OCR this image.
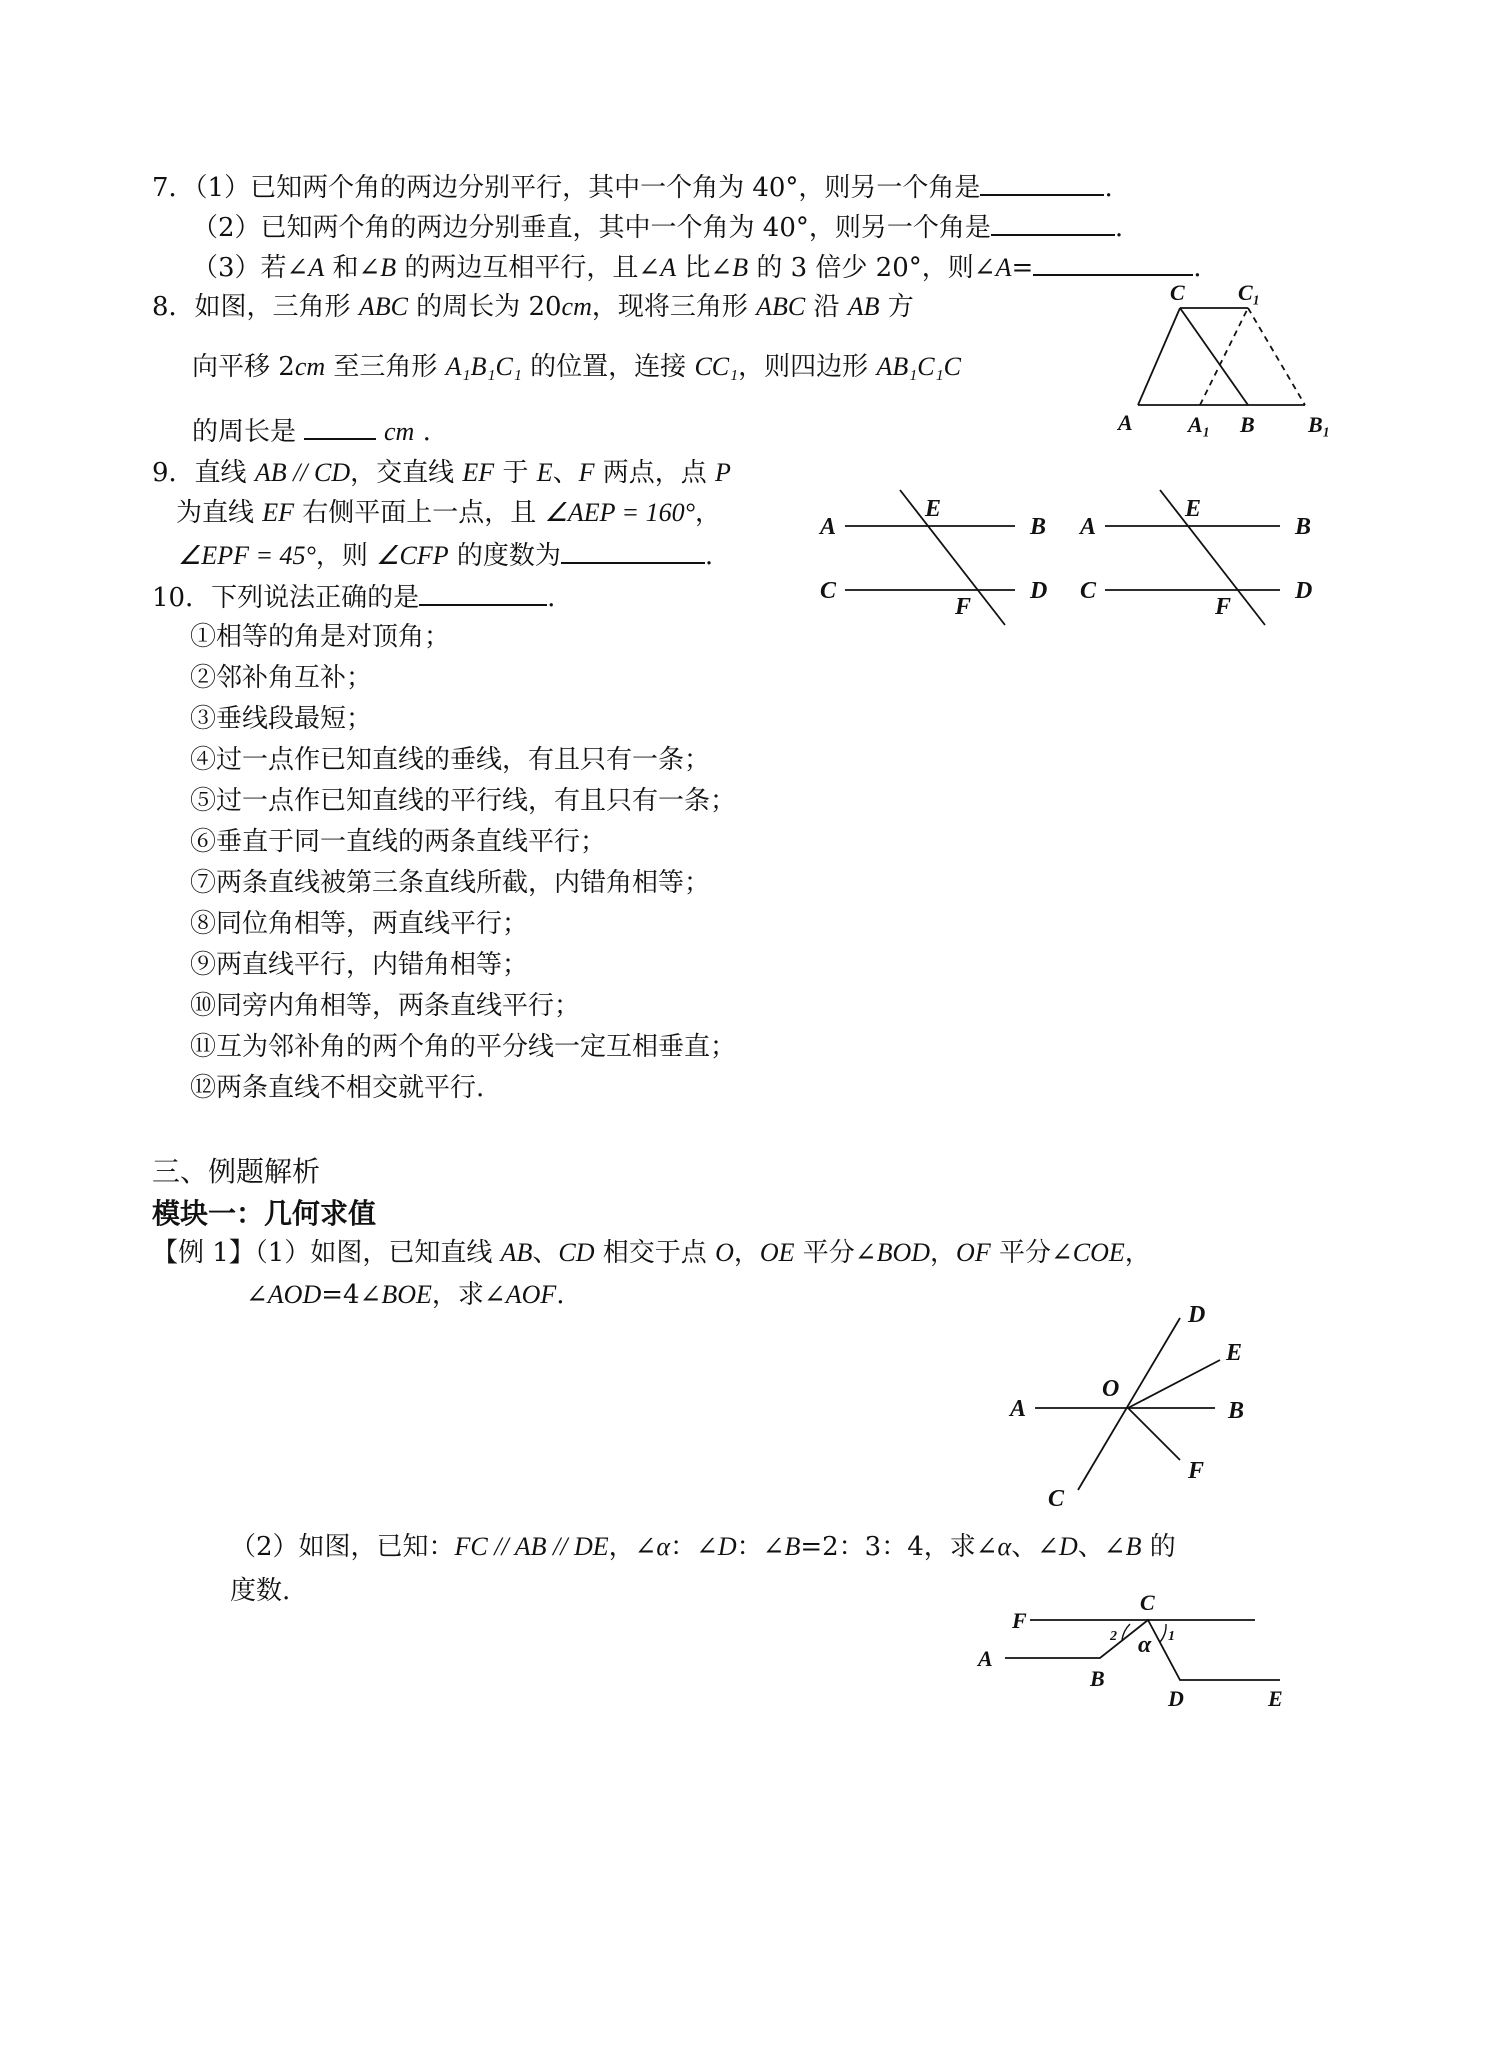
7．（1）已知两个角的两边分别平行，其中一个角为 40°，则另一个角是	.
（2）已知两个角的两边分别垂直，其中一个角为 40°，则另一个角是	.
（3）若∠A 和∠B 的两边互相平行，且∠A 比∠B 的 3 倍少 20°，则∠A=	.
8．如图，三角形 ABC 的周长为 20cm，现将三角形 ABC 沿 AB 方
向平移 2cm 至三角形 A₁B₁C₁ 的位置，连接 CC₁，则四边形 AB₁C₁C
的周长是	cm .
9．直线 AB // CD，交直线 EF 于 E、F 两点，点 P
为直线 EF 右侧平面上一点，且 ∠AEP = 160°，
∠EPF = 45°，则 ∠CFP 的度数为	.
10．下列说法正确的是	.
①相等的角是对顶角；
②邻补角互补；
③垂线段最短；
④过一点作已知直线的垂线，有且只有一条；
⑤过一点作已知直线的平行线，有且只有一条；
⑥垂直于同一直线的两条直线平行；
⑦两条直线被第三条直线所截，内错角相等；
⑧同位角相等，两直线平行；
⑨两直线平行，内错角相等；
⑩同旁内角相等，两条直线平行；
⑪互为邻补角的两个角的平分线一定互相垂直；
⑫两条直线不相交就平行.
三、例题解析
模块一：几何求值
【例 1】（1）如图，已知直线 AB、CD 相交于点 O，OE 平分∠BOD，OF 平分∠COE，
∠AOD=4∠BOE，求∠AOF.
（2）如图，已知：FC // AB // DE，∠α：∠D：∠B=2：3：4，求∠α、∠D、∠B 的
度数.
C C₁
A	A₁ B B₁
A
E
B
C
F
D
A
E
B
C
F
D
D
E
O
A	B
F
C
F
C
A
B
D	E
2	1
α
